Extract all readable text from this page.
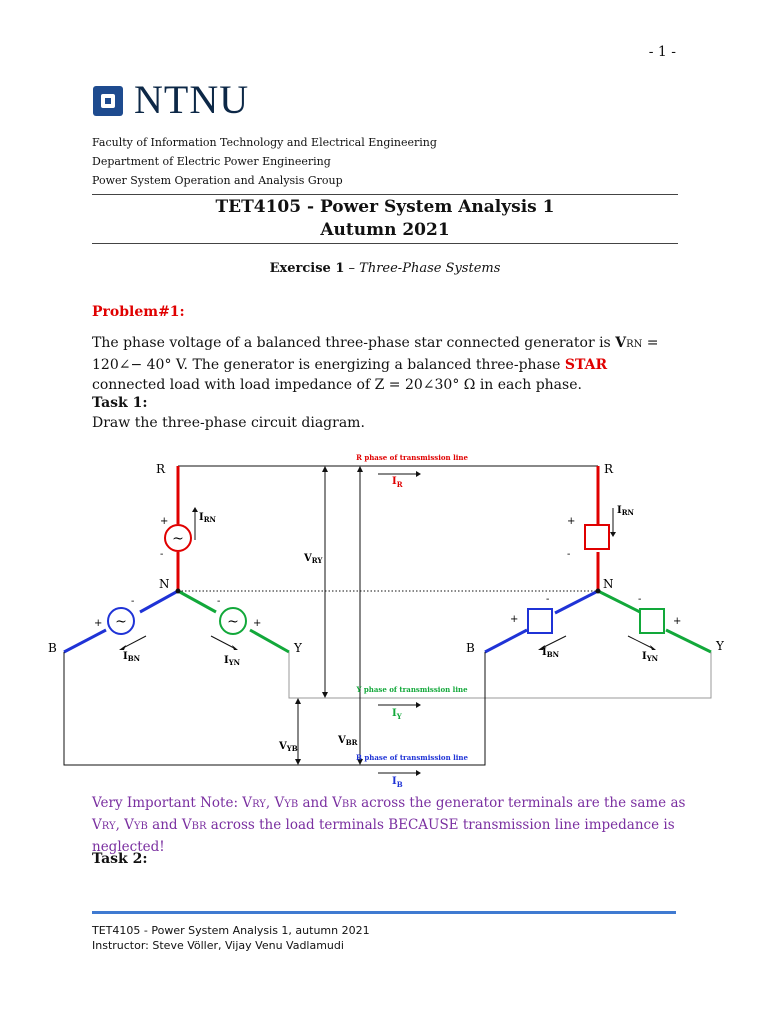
- 1 -
NTNU
Faculty of Information Technology and Electrical Engineering
Department of Electric Power Engineering
Power System Operation and Analysis Group
TET4105 - Power System Analysis 1
Autumn 2021
Exercise 1 – Three-Phase Systems
Problem#1:
The phase voltage of a balanced three-phase star connected generator is VRN = 120∠− 40° V. The generator is energizing a balanced three-phase STAR connected load with load impedance of Z = 20∠30° Ω in each phase.
Task 1:
Draw the three-phase circuit diagram.
~
~	~
R phase of transmission line
Y phase of transmission line
B phase of transmission line
$I_R$
$I_Y$
$I_B$
$I_{RN}$
$I_{RN}$
$I_{BN}$	$I_{YN}$
$I_{BN}$	$I_{YN}$
$V_{RY}$
$V_{BR}$
$V_{YB}$
R
N
B	Y
R
N
B	Y
+
-
+
-
+
-
+
-
+
-
+
-
Very Important Note: VRY, VYB and VBR across the generator terminals are the same as VRY, VYB and VBR across the load terminals BECAUSE transmission line impedance is neglected!
Task 2:
TET4105 - Power System Analysis 1, autumn 2021
Instructor: Steve Völler, Vijay Venu Vadlamudi
